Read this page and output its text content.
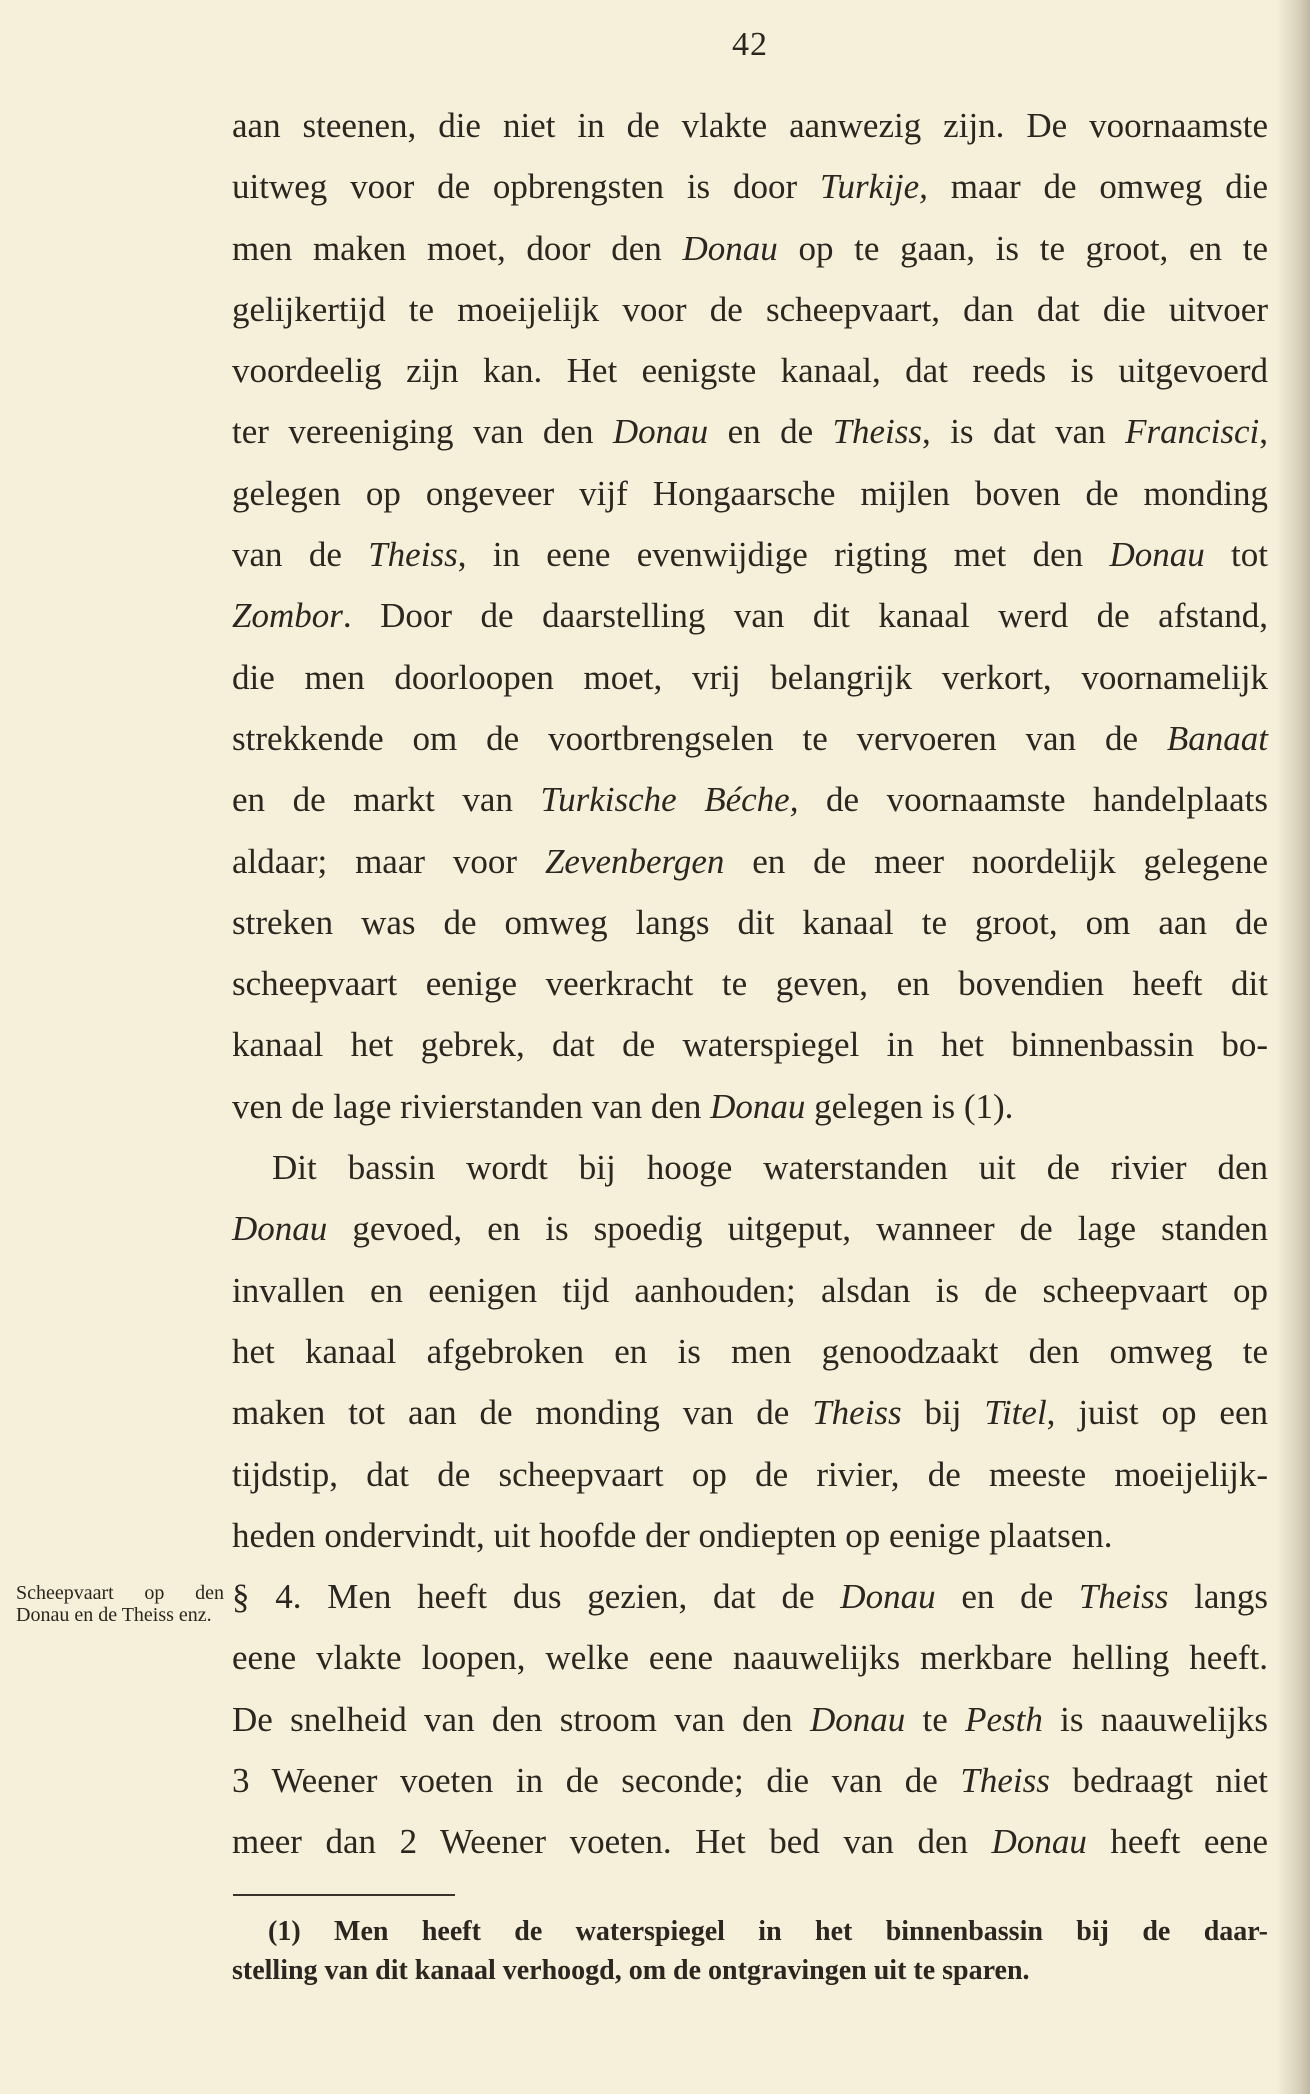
42
aan steenen, die niet in de vlakte aanwezig zijn. De voornaamste
uitweg voor de opbrengsten is door Turkije, maar de omweg die
men maken moet, door den Donau op te gaan, is te groot, en te
gelijkertijd te moeijelijk voor de scheepvaart, dan dat die uitvoer
voordeelig zijn kan. Het eenigste kanaal, dat reeds is uitgevoerd
ter vereeniging van den Donau en de Theiss, is dat van Francisci,
gelegen op ongeveer vijf Hongaarsche mijlen boven de monding
van de Theiss, in eene evenwijdige rigting met den Donau tot
Zombor. Door de daarstelling van dit kanaal werd de afstand,
die men doorloopen moet, vrij belangrijk verkort, voornamelijk
strekkende om de voortbrengselen te vervoeren van de Banaat
en de markt van Turkische Béche, de voornaamste handelplaats
aldaar; maar voor Zevenbergen en de meer noordelijk gelegene
streken was de omweg langs dit kanaal te groot, om aan de
scheepvaart eenige veerkracht te geven, en bovendien heeft dit
kanaal het gebrek, dat de waterspiegel in het binnenbassin bo-
ven de lage rivierstanden van den Donau gelegen is (1).
Dit bassin wordt bij hooge waterstanden uit de rivier den
Donau gevoed, en is spoedig uitgeput, wanneer de lage standen
invallen en eenigen tijd aanhouden; alsdan is de scheepvaart op
het kanaal afgebroken en is men genoodzaakt den omweg te
maken tot aan de monding van de Theiss bij Titel, juist op een
tijdstip, dat de scheepvaart op de rivier, de meeste moeijelijk-
heden ondervindt, uit hoofde der ondiepten op eenige plaatsen.
§ 4. Men heeft dus gezien, dat de Donau en de Theiss langs
eene vlakte loopen, welke eene naauwelijks merkbare helling heeft.
De snelheid van den stroom van den Donau te Pesth is naauwelijks
3 Weener voeten in de seconde; die van de Theiss bedraagt niet
meer dan 2 Weener voeten. Het bed van den Donau heeft eene
Scheepvaart op den Donau en de Theiss enz.
(1) Men heeft de waterspiegel in het binnenbassin bij de daar-
stelling van dit kanaal verhoogd, om de ontgravingen uit te sparen.
